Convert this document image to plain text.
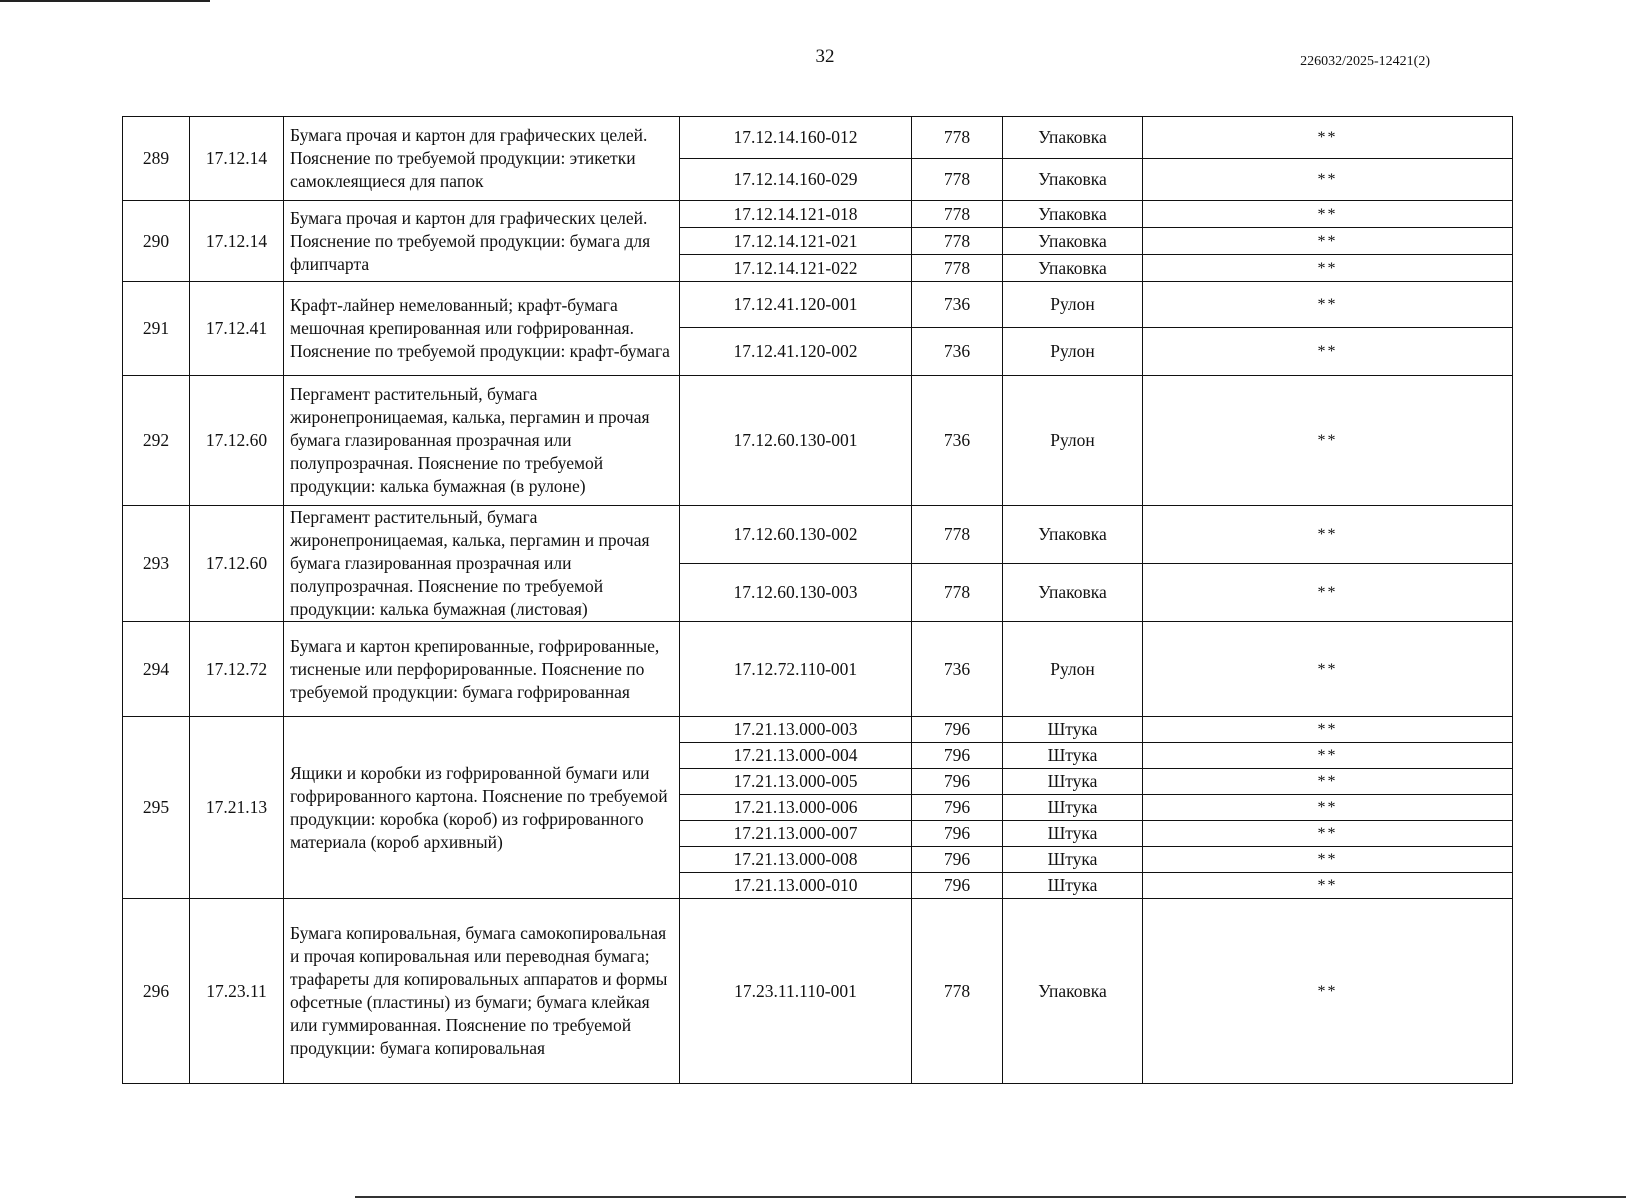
32	226032/2025-12421(2)
289	17.12.14	Бумага прочая и картон для графических целей. Пояснение по требуемой продукции: этикетки самоклеящиеся для папок	17.12.14.160-012	778	Упаковка	**
			17.12.14.160-029	778	Упаковка	**
290	17.12.14	Бумага прочая и картон для графических целей. Пояснение по требуемой продукции: бумага для флипчарта	17.12.14.121-018	778	Упаковка	**
			17.12.14.121-021	778	Упаковка	**
			17.12.14.121-022	778	Упаковка	**
291	17.12.41	Крафт-лайнер немелованный; крафт-бумага мешочная крепированная или гофрированная. Пояснение по требуемой продукции: крафт-бумага	17.12.41.120-001	736	Рулон	**
			17.12.41.120-002	736	Рулон	**
292	17.12.60	Пергамент растительный, бумага жиронепроницаемая, калька, пергамин и прочая бумага глазированная прозрачная или полупрозрачная. Пояснение по требуемой продукции: калька бумажная (в рулоне)	17.12.60.130-001	736	Рулон	**
293	17.12.60	Пергамент растительный, бумага жиронепроницаемая, калька, пергамин и прочая бумага глазированная прозрачная или полупрозрачная. Пояснение по требуемой продукции: калька бумажная (листовая)	17.12.60.130-002	778	Упаковка	**
			17.12.60.130-003	778	Упаковка	**
294	17.12.72	Бумага и картон крепированные, гофрированные, тисненые или перфорированные. Пояснение по требуемой продукции: бумага гофрированная	17.12.72.110-001	736	Рулон	**
295	17.21.13	Ящики и коробки из гофрированной бумаги или гофрированного картона. Пояснение по требуемой продукции: коробка (короб) из гофрированного материала (короб архивный)	17.21.13.000-003	796	Штука	**
			17.21.13.000-004	796	Штука	**
			17.21.13.000-005	796	Штука	**
			17.21.13.000-006	796	Штука	**
			17.21.13.000-007	796	Штука	**
			17.21.13.000-008	796	Штука	**
			17.21.13.000-010	796	Штука	**
296	17.23.11	Бумага копировальная, бумага самокопировальная и прочая копировальная или переводная бумага; трафареты для копировальных аппаратов и формы офсетные (пластины) из бумаги; бумага клейкая или гуммированная. Пояснение по требуемой продукции: бумага копировальная	17.23.11.110-001	778	Упаковка	**
